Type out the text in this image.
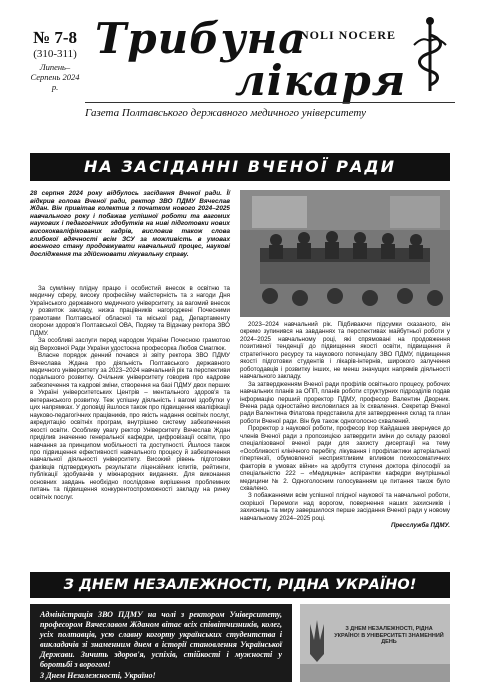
№ 7-8
(310-311)
Липень–Серпень 2024 р.
Трибуна
лікаря
NOLI NOCERE
Газета Полтавського державного медичного університету
НА ЗАСІДАННІ ВЧЕНОЇ РАДИ
28 серпня 2024 року відбулось засідання Вченої ради. Її відкрив голова Вченої ради, ректор ЗВО ПДМУ Вячеслав Ждан. Він привітав колектив з початком нового 2024–2025 навчального року і побажав успішної роботи та вагомих наукових і педагогічних здобутків на ниві підготовки нових висококваліфікованих кадрів, висловив також слова глибокої вдячності всім ЗСУ за можливість в умовах воєнного стану продовжувати навчальний процес, наукові дослідження та здійснювати лікувальну справу.

За сумлінну плідну працю і особистий внесок в освітню та медичну сферу, високу професійну майстерність та з нагоди Дня Українського державного медичного університету, за вагомий внесок у розвиток закладу, низка працівників нагороджені Почесними грамотами Полтавської обласної та міської рад, Департаменту охорони здоров'я Полтавської ОВА, Подяку та Відзнаку ректора ЗВО ПДМУ.

За особливі заслуги перед народом України Почесною грамотою від Верховної Ради України удостоєна професорка Любов Смаглюк.

Власне порядок денний почався зі звіту ректора ЗВО ПДМУ Вячеслава Ждана про діяльність Полтавського державного медичного університету за 2023–2024 навчальний рік та перспективи подальшого розвитку. Очільник університету говорив про кадрове забезпечення та кадрові зміни, створення на базі ПДМУ двох перших в Україні університетських Центрів – ментального здоров'я та ветеранського розвитку. Теж успішну діяльність і вагомі здобутки у цих напрямках. У доповіді йшлося також про підвищення кваліфікації науково-педагогічних працівників, про якість надання освітніх послуг, акредитацію освітніх програм, внутрішню систему забезпечення якості освіти. Особливу увагу ректор Університету Вячеслав Ждан приділив значенню генеральної кафедри, цифровізації освіти, про навчання за принципом мобільності та доступності. Йшлося також про підвищення ефективності навчального процесу й забезпечення навчальної діяльності університету. Високий рівень підготовки фахівців підтверджують результати ліцензійних іспитів, рейтинги, публікації здобувачів у міжнародних виданнях. Для виконання основних завдань необхідно послідовне вирішення проблемних питань та підвищення конкурентоспроможності закладу на ринку освітніх послуг.

2023–2024 навчальний рік. Підбиваючи підсумки сказаного, він окремо зупинився на завданнях та перспективах майбутньої роботи у 2024–2025 навчальному році, які спрямовані на продовження позитивної тенденції до підвищення якості освіти, підвищення й стратегічного ресурсу та наукового потенціалу ЗВО ПДМУ, підвищення якості підготовки студентів і лікарів-інтернів, широкого залучення роботодавців і розвитку інших, не менш значущих напрямів діяльності навчального закладу.

За затвердженням Вченої ради профілів освітнього процесу, робочих навчальних планів за ОПП, планів роботи структурних підрозділів подав інформацію перший проректор ПДМУ, професор Валентин Дворник. Вчена рада одностайно висловилася за їх схвалення. Секретар Вченої ради Валентина Філатова представила для затвердження склад та план роботи Вченої ради. Він був також одноголосно схвалений.

Проректор з наукової роботи, професор Ігор Кайдашев звернувся до членів Вченої ради з пропозицією затвердити зміни до складу разової спеціалізованої вченої ради для захисту дисертації на тему «Особливості клінічного перебігу, лікування і профілактики артеріальної гіпертензії, обумовленої несприятливим впливом психосоматичних факторів в умовах війни» на здобуття ступеня доктора філософії за спеціальністю 222 – «Медицина» аспірантки кафедри внутрішньої медицини № 2. Одноголосним голосуванням це питання також було схвалено.

З побажаннями всім успішної плідної наукової та навчальної роботи, скорішої Перемоги над ворогом, повернення наших захисників і захисниць та миру завершилося перше засідання Вченої ради у новому навчальному 2024–2025 році.

Пресслужба ПДМУ.

З ДНЕМ НЕЗАЛЕЖНОСТІ, РІДНА УКРАЇНО!

Адміністрація ЗВО ПДМУ на чолі з ректором Університету, професором Вячеславом Жданом вітає всіх співвітчизників, колег, усіх полтавців, усю славну когорту українських студентства і викладачів зі знаменним днем в історії становлення Української Держави. Зичить здоров'я, успіхів, стійкості і мужності у боротьбі з ворогом!

З Днем Незалежності, Україно!

З ДНЕМ НЕЗАЛЕЖНОСТІ, РІДНА УКРАЇНО! В УНІВЕРСИТЕТІ ЗНАМЕННИЙ ДЕНЬ
